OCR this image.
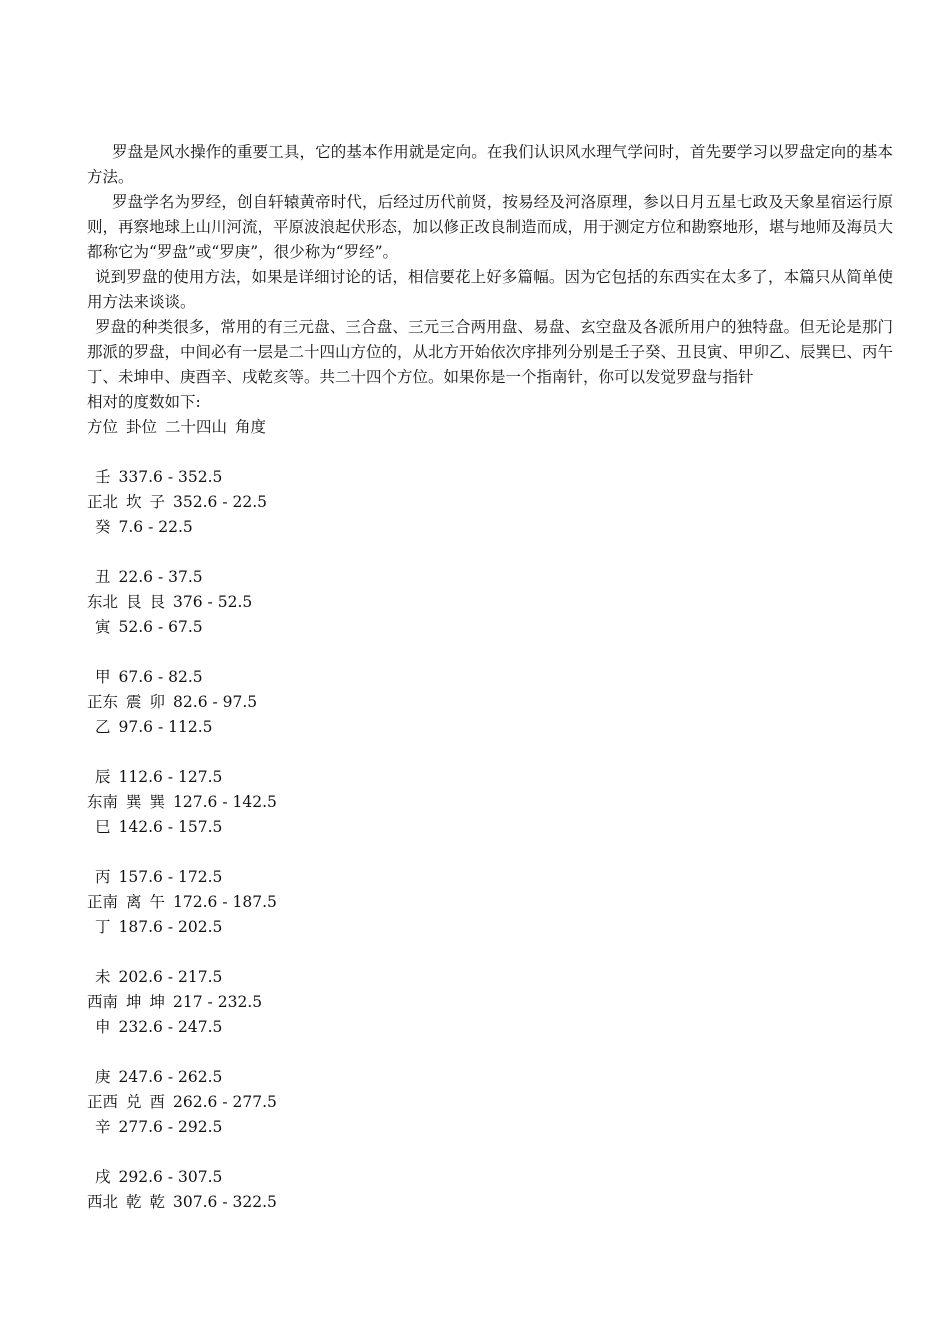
罗盘是风水操作的重要工具，它的基本作用就是定向。在我们认识风水理气学问时，首先要学习以罗盘定向的基本方法。

罗盘学名为罗经，创自轩辕黄帝时代，后经过历代前贤，按易经及河洛原理，参以日月五星七政及天象星宿运行原则，再察地球上山川河流，平原波浪起伏形态，加以修正改良制造而成，用于测定方位和勘察地形，堪与地师及海员大都称它为“罗盘”或“罗庚”，很少称为“罗经”。

说到罗盘的使用方法，如果是详细讨论的话，相信要花上好多篇幅。因为它包括的东西实在太多了，本篇只从简单使用方法来谈谈。

罗盘的种类很多，常用的有三元盘、三合盘、三元三合两用盘、易盘、玄空盘及各派所用户的独特盘。但无论是那门那派的罗盘，中间必有一层是二十四山方位的，从北方开始依次序排列分别是壬子癸、丑艮寅、甲卯乙、辰巽巳、丙午丁、未坤申、庚酉辛、戌乾亥等。共二十四个方位。如果你是一个指南针，你可以发觉罗盘与指针

相对的度数如下:

方位 卦位 二十四山 角度
壬 337.6 - 352.5
正北 坎 子 352.6 - 22.5
癸 7.6 - 22.5
丑 22.6 - 37.5
东北 艮 艮 376 - 52.5
寅 52.6 - 67.5
甲 67.6 - 82.5
正东 震 卯 82.6 - 97.5
乙 97.6 - 112.5
辰 112.6 - 127.5
东南 巽 巽 127.6 - 142.5
巳 142.6 - 157.5
丙 157.6 - 172.5
正南 离 午 172.6 - 187.5
丁 187.6 - 202.5
未 202.6 - 217.5
西南 坤 坤 217 - 232.5
申 232.6 - 247.5
庚 247.6 - 262.5
正西 兑 酉 262.6 - 277.5
辛 277.6 - 292.5
戌 292.6 - 307.5
西北 乾 乾 307.6 - 322.5
